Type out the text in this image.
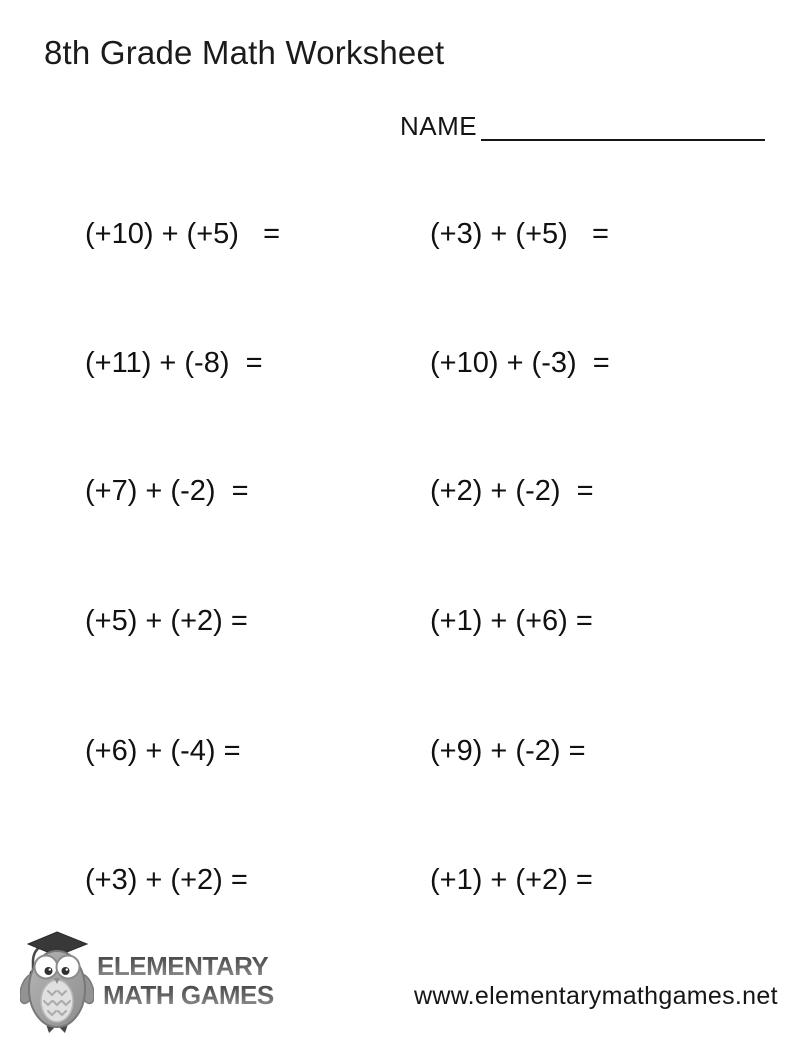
8th Grade Math Worksheet
NAME
(+10) + (+5)   =	(+3) + (+5)   =
(+11) + (-8)  =	(+10) + (-3)  =
(+7) + (-2)  =	(+2) + (-2)  =
(+5) + (+2) =	(+1) + (+6) =
(+6) + (-4) =	(+9) + (-2) =
(+3) + (+2) =	(+1) + (+2) =
ELEMENTARY
MATH GAMES	www.elementarymathgames.net
